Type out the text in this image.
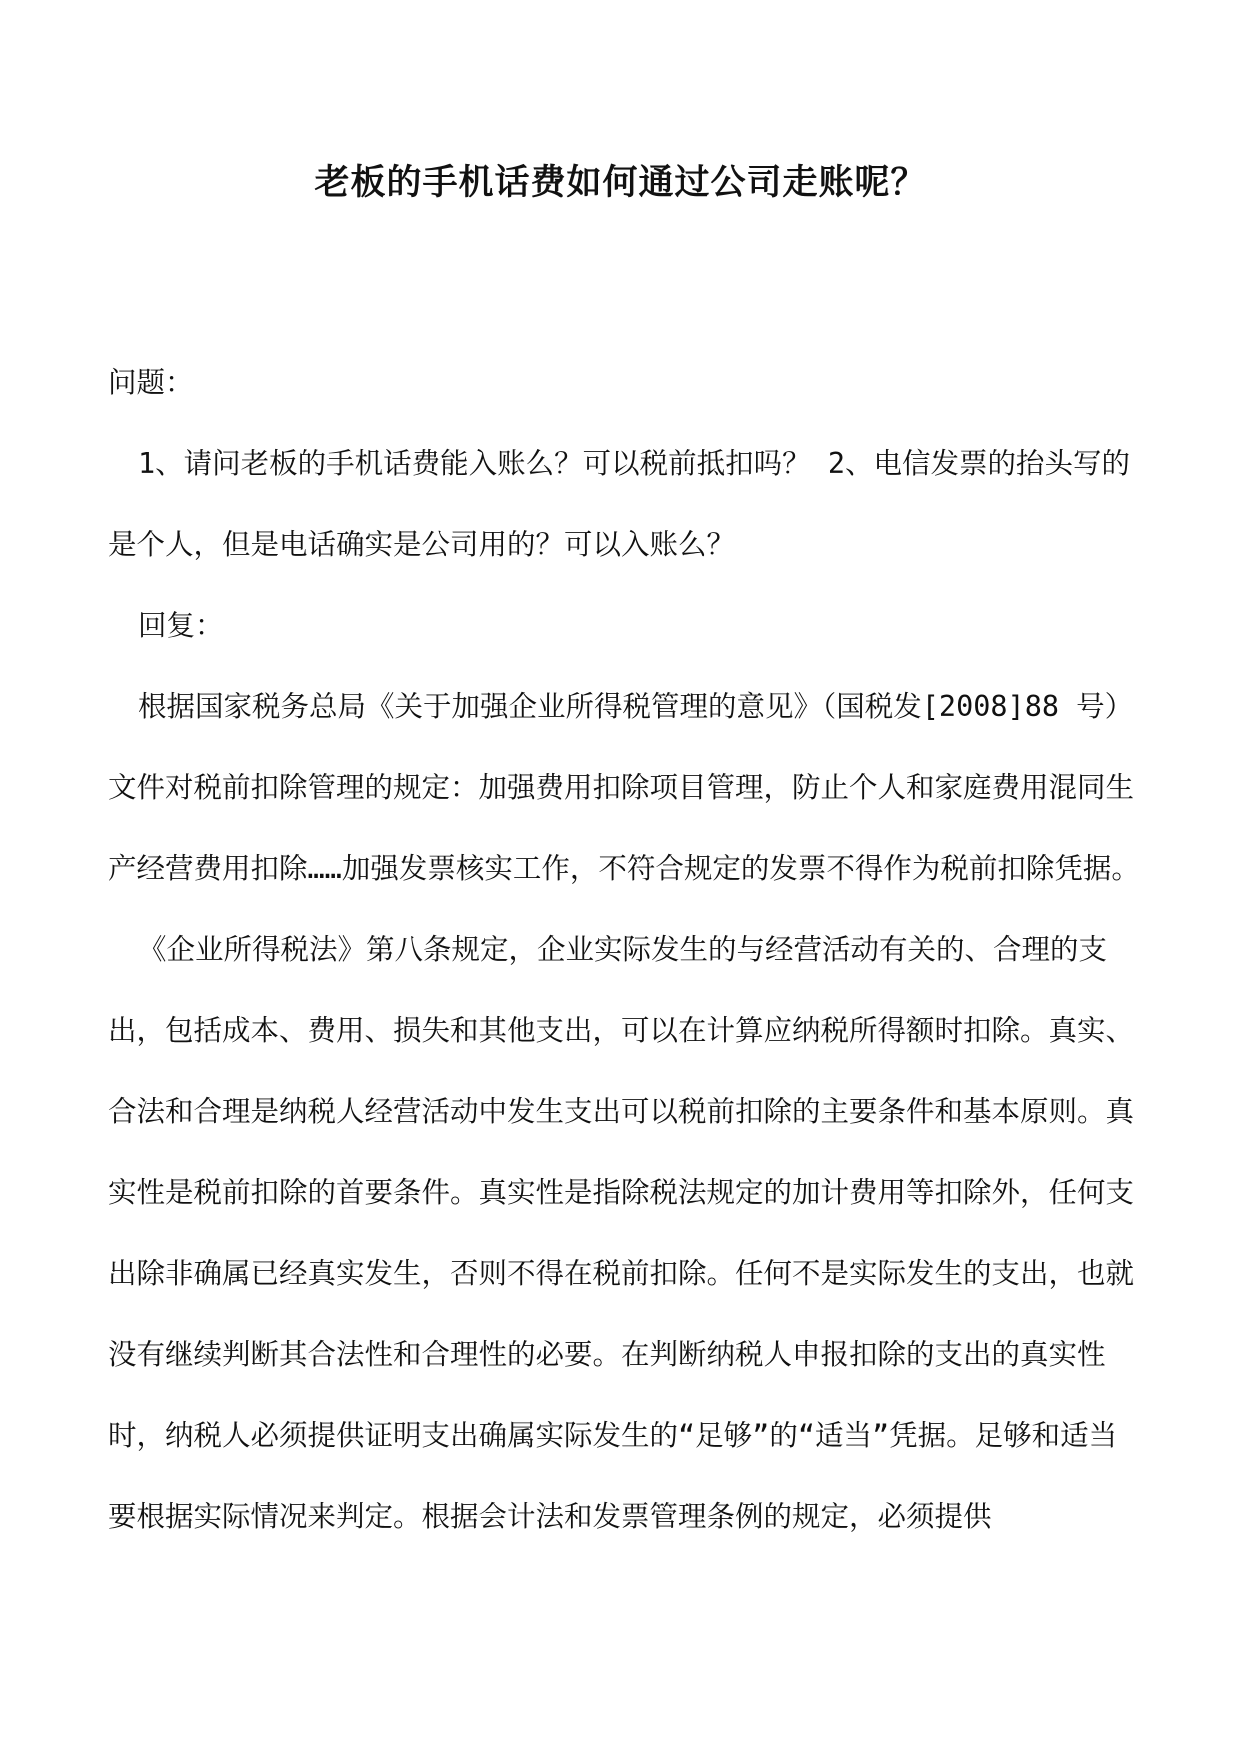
老板的手机话费如何通过公司走账呢？

问题：

1、请问老板的手机话费能入账么？可以税前抵扣吗？ 2、电信发票的抬头写的是个人，但是电话确实是公司用的？可以入账么？

回复：

根据国家税务总局《关于加强企业所得税管理的意见》（国税发[2008]88 号）文件对税前扣除管理的规定：加强费用扣除项目管理，防止个人和家庭费用混同生产经营费用扣除……加强发票核实工作，不符合规定的发票不得作为税前扣除凭据。

《企业所得税法》第八条规定，企业实际发生的与经营活动有关的、合理的支出，包括成本、费用、损失和其他支出，可以在计算应纳税所得额时扣除。真实、合法和合理是纳税人经营活动中发生支出可以税前扣除的主要条件和基本原则。真实性是税前扣除的首要条件。真实性是指除税法规定的加计费用等扣除外，任何支出除非确属已经真实发生，否则不得在税前扣除。任何不是实际发生的支出，也就没有继续判断其合法性和合理性的必要。在判断纳税人申报扣除的支出的真实性时，纳税人必须提供证明支出确属实际发生的“足够”的“适当”凭据。足够和适当要根据实际情况来判定。根据会计法和发票管理条例的规定，必须提供
